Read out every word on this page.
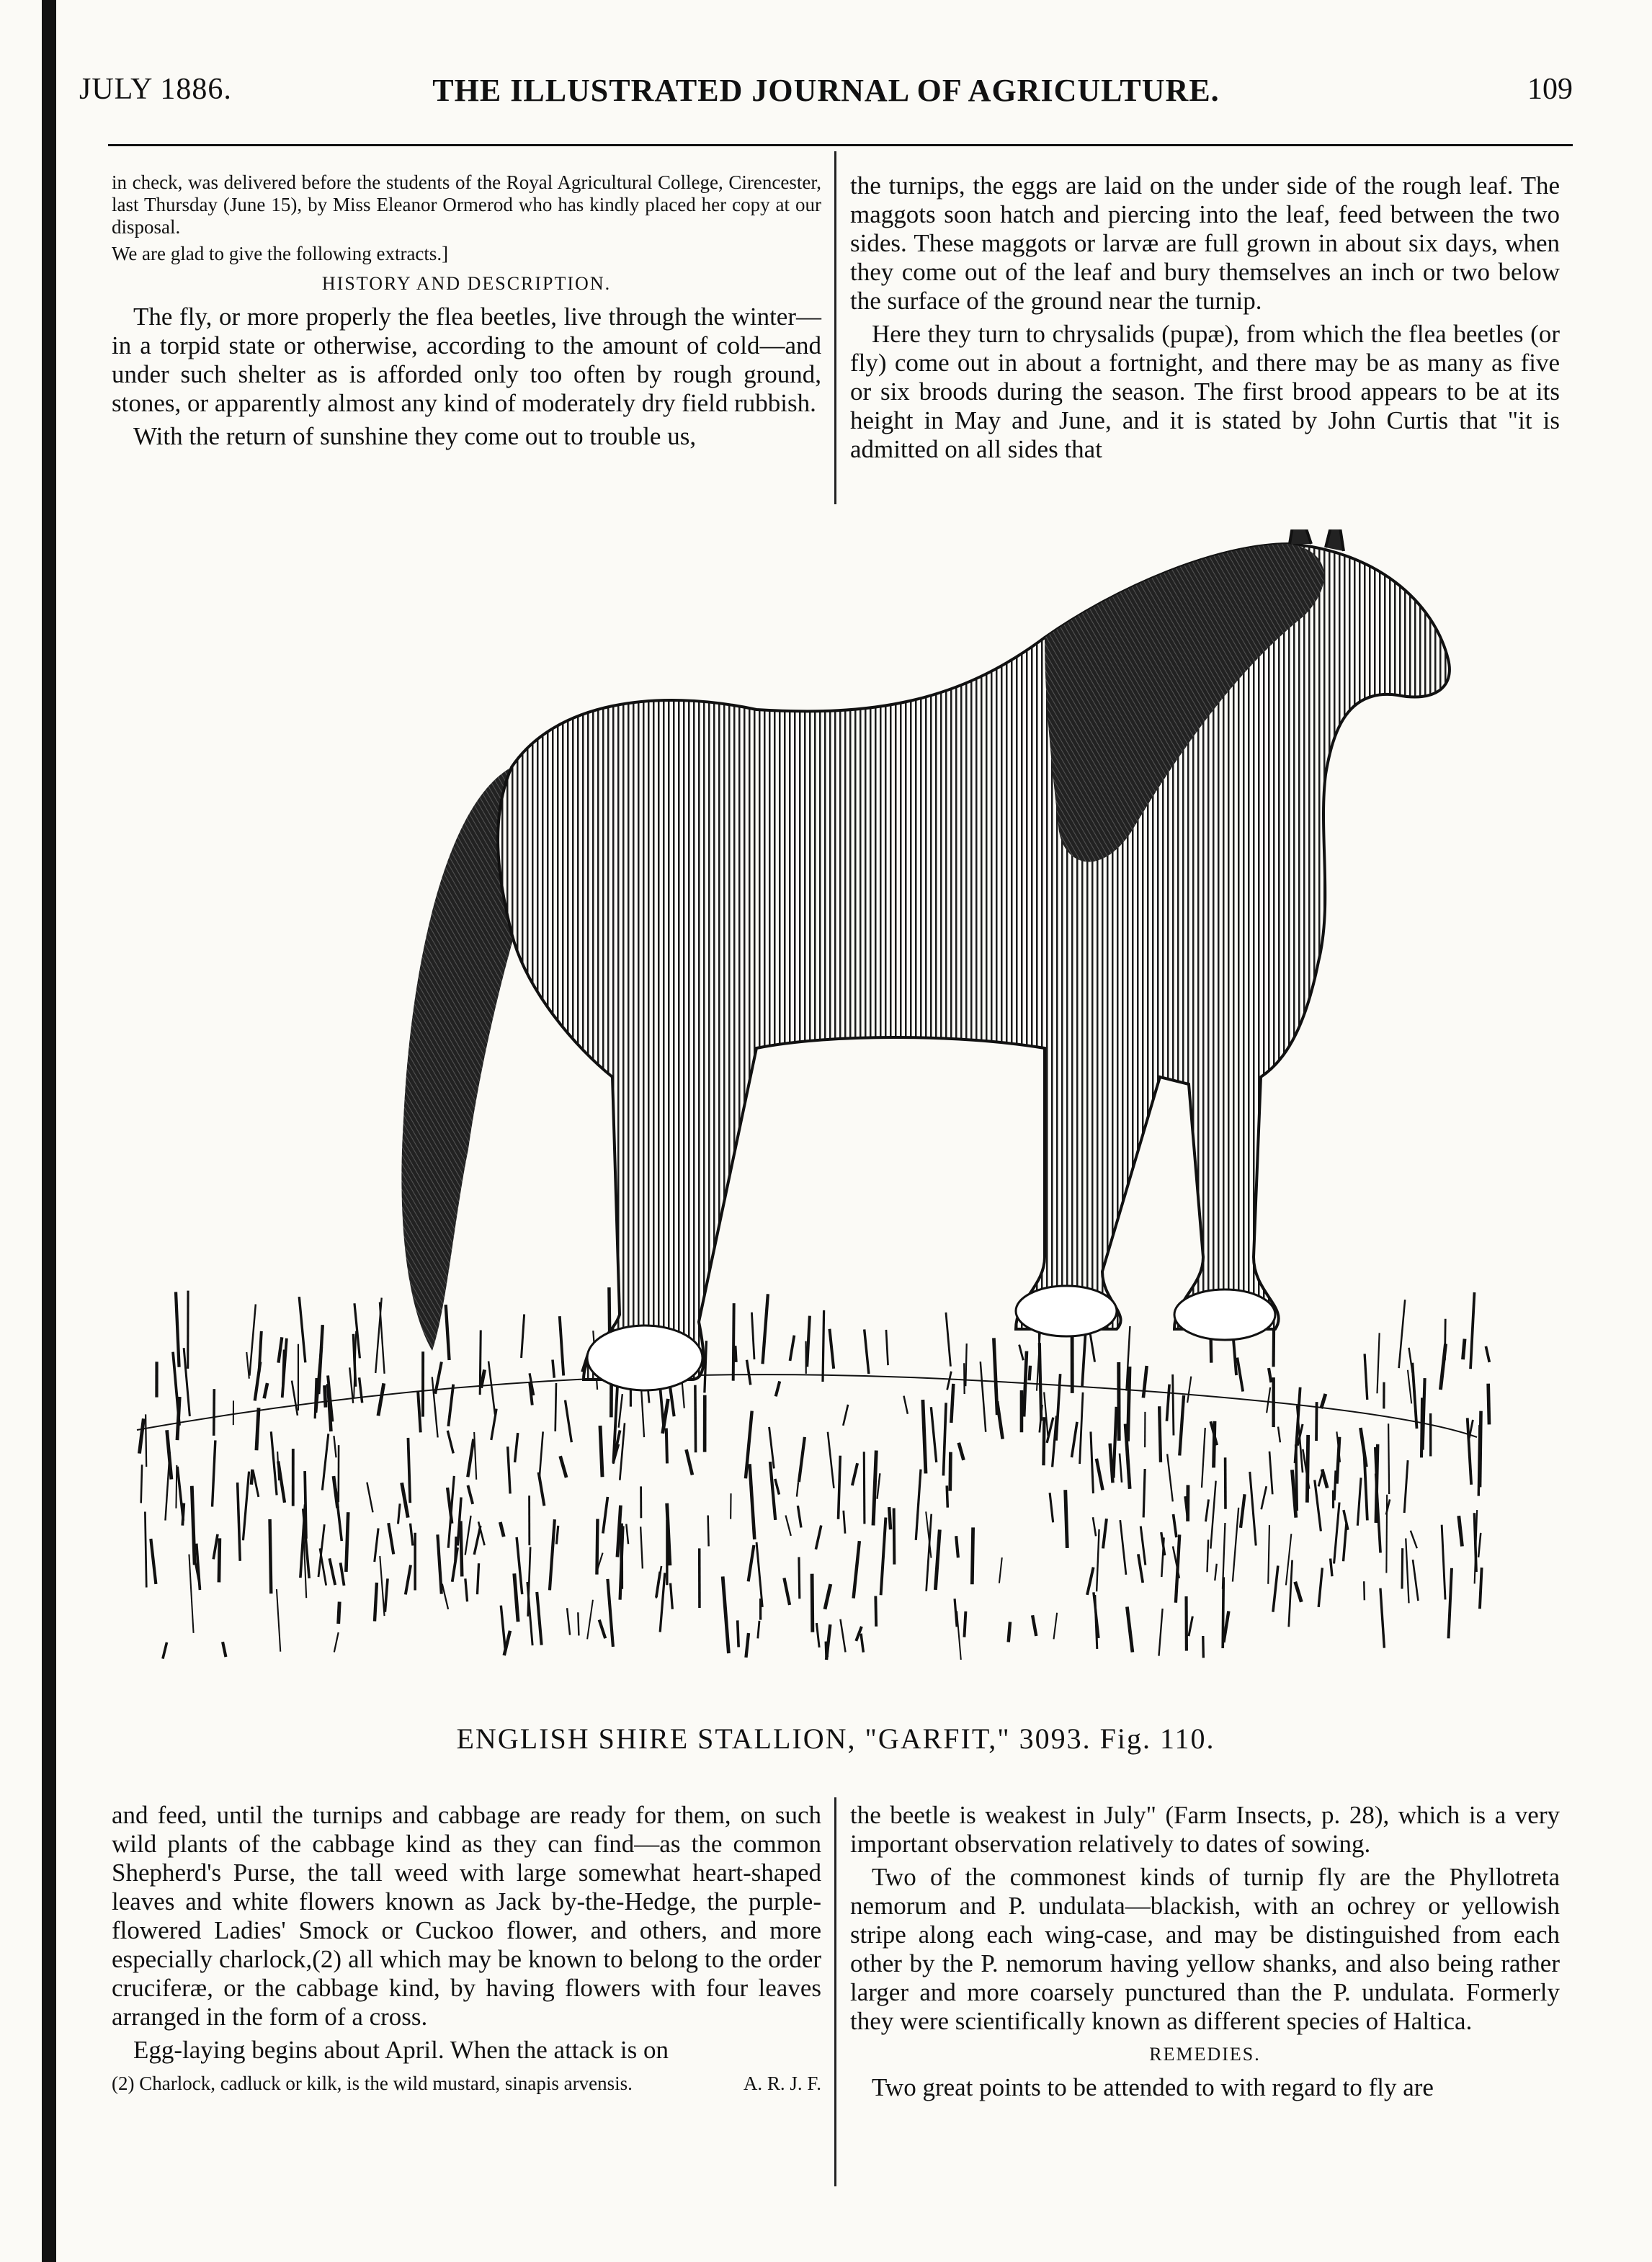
JULY 1886.	THE ILLUSTRATED JOURNAL OF AGRICULTURE.	109

in check, was delivered before the students of the Royal Agricultural College, Cirencester, last Thursday (June 15), by Miss Eleanor Ormerod who has kindly placed her copy at our disposal.

We are glad to give the following extracts.]

HISTORY AND DESCRIPTION.

The fly, or more properly the flea beetles, live through the winter—in a torpid state or otherwise, according to the amount of cold—and under such shelter as is afforded only too often by rough ground, stones, or apparently almost any kind of moderately dry field rubbish.

With the return of sunshine they come out to trouble us,

the turnips, the eggs are laid on the under side of the rough leaf. The maggots soon hatch and piercing into the leaf, feed between the two sides. These maggots or larvæ are full grown in about six days, when they come out of the leaf and bury themselves an inch or two below the surface of the ground near the turnip.

Here they turn to chrysalids (pupæ), from which the flea beetles (or fly) come out in about a fortnight, and there may be as many as five or six broods during the season. The first brood appears to be at its height in May and June, and it is stated by John Curtis that "it is admitted on all sides that

ENGLISH SHIRE STALLION, "GARFIT," 3093. Fig. 110.

and feed, until the turnips and cabbage are ready for them, on such wild plants of the cabbage kind as they can find—as the common Shepherd's Purse, the tall weed with large somewhat heart-shaped leaves and white flowers known as Jack by-the-Hedge, the purple-flowered Ladies' Smock or Cuckoo flower, and others, and more especially charlock,(2) all which may be known to belong to the order cruciferæ, or the cabbage kind, by having flowers with four leaves arranged in the form of a cross.

Egg-laying begins about April. When the attack is on

(2) Charlock, cadluck or kilk, is the wild mustard, sinapis arvensis.	A. R. J. F.

the beetle is weakest in July" (Farm Insects, p. 28), which is a very important observation relatively to dates of sowing.

Two of the commonest kinds of turnip fly are the Phyllotreta nemorum and P. undulata—blackish, with an ochrey or yellowish stripe along each wing-case, and may be distinguished from each other by the P. nemorum having yellow shanks, and also being rather larger and more coarsely punctured than the P. undulata. Formerly they were scientifically known as different species of Haltica.

REMEDIES.

Two great points to be attended to with regard to fly are
